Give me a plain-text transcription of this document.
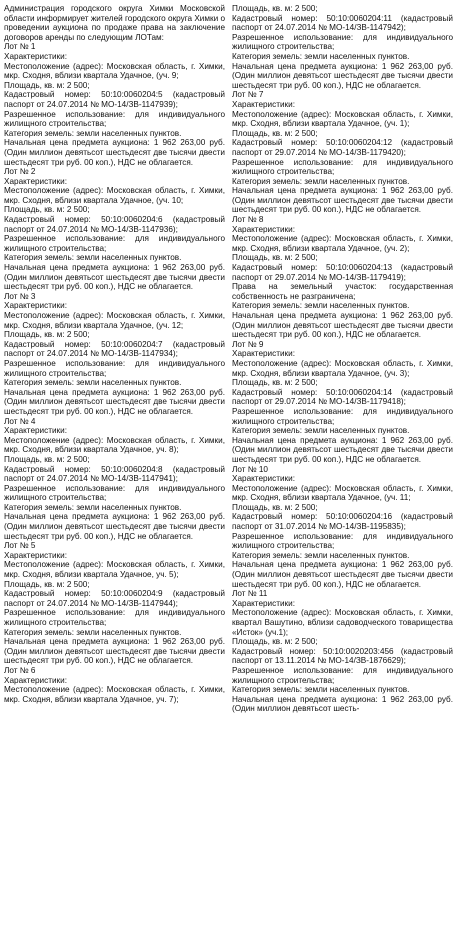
Администрация городского округа Химки Московской области информирует жителей городского округа Химки о проведении аукциона по продаже права на заключение договоров аренды по следующим ЛОТам:

Лот № 1

Характеристики:

Местоположение (адрес): Московская область, г. Химки, мкр. Сходня, вблизи квартала Удачное, (уч. 9;

Площадь, кв. м: 2 500;

Кадастровый номер: 50:10:0060204:5 (кадастровый паспорт от 24.07.2014 № МО-14/ЗВ-1147939);

Разрешенное использование: для индивидуального жилищного строительства;

Категория земель: земли населенных пунктов.

Начальная цена предмета аукциона: 1 962 263,00 руб. (Один миллион девятьсот шестьдесят две тысячи двести шестьдесят три руб. 00 коп.), НДС не облагается.

Лот № 2

Характеристики:

Местоположение (адрес): Московская область, г. Химки, мкр. Сходня, вблизи квартала Удачное, (уч. 10;

Площадь, кв. м: 2 500;

Кадастровый номер: 50:10:0060204:6 (кадастровый паспорт от 24.07.2014 № МО-14/ЗВ-1147936);

Разрешенное использование: для индивидуального жилищного строительства;

Категория земель: земли населенных пунктов.

Начальная цена предмета аукциона: 1 962 263,00 руб. (Один миллион девятьсот шестьдесят две тысячи двести шестьдесят три руб. 00 коп.), НДС не облагается.

Лот № 3

Характеристики:

Местоположение (адрес): Московская область, г. Химки, мкр. Сходня, вблизи квартала Удачное, (уч. 12;

Площадь, кв. м: 2 500;

Кадастровый номер: 50:10:0060204:7 (кадастровый паспорт от 24.07.2014 № МО-14/ЗВ-1147934);

Разрешенное использование: для индивидуального жилищного строительства;

Категория земель: земли населенных пунктов.

Начальная цена предмета аукциона: 1 962 263,00 руб. (Один миллион девятьсот шестьдесят две тысячи двести шестьдесят три руб. 00 коп.), НДС не облагается.

Лот № 4

Характеристики:

Местоположение (адрес): Московская область, г. Химки, мкр. Сходня, вблизи квартала Удачное, уч. 8);

Площадь, кв. м: 2 500;

Кадастровый номер: 50:10:0060204:8 (кадастровый паспорт от 24.07.2014 № МО-14/ЗВ-1147941);

Разрешенное использование: для индивидуального жилищного строительства;

Категория земель: земли населенных пунктов.

Начальная цена предмета аукциона: 1 962 263,00 руб. (Один миллион девятьсот шестьдесят две тысячи двести шестьдесят три руб. 00 коп.), НДС не облагается.

Лот № 5

Характеристики:

Местоположение (адрес): Московская область, г. Химки, мкр. Сходня, вблизи квартала Удачное, уч. 5);

Площадь, кв. м: 2 500;

Кадастровый номер: 50:10:0060204:9 (кадастровый паспорт от 24.07.2014 № МО-14/ЗВ-1147944);

Разрешенное использование: для индивидуального жилищного строительства;

Категория земель: земли населенных пунктов.

Начальная цена предмета аукциона: 1 962 263,00 руб. (Один миллион девятьсот шестьдесят две тысячи двести шестьдесят три руб. 00 коп.), НДС не облагается.

Лот № 6

Характеристики:

Местоположение (адрес): Московская область, г. Химки, мкр. Сходня, вблизи квартала Удачное, уч. 7);

Площадь, кв. м: 2 500;

Кадастровый номер: 50:10:0060204:11 (кадастровый паспорт от 24.07.2014 № МО-14/ЗВ-1147942);

Разрешенное использование: для индивидуального жилищного строительства;

Категория земель: земли населенных пунктов.

Начальная цена предмета аукциона: 1 962 263,00 руб. (Один миллион девятьсот шестьдесят две тысячи двести шестьдесят три руб. 00 коп.), НДС не облагается.

Лот № 7

Характеристики:

Местоположение (адрес): Московская область, г. Химки, мкр. Сходня, вблизи квартала Удачное, (уч. 1);

Площадь, кв. м: 2 500;

Кадастровый номер: 50:10:0060204:12 (кадастровый паспорт от 29.07.2014 № МО-14/ЗВ-1179420);

Разрешенное использование: для индивидуального жилищного строительства;

Категория земель: земли населенных пунктов.

Начальная цена предмета аукциона: 1 962 263,00 руб. (Один миллион девятьсот шестьдесят две тысячи двести шестьдесят три руб. 00 коп.), НДС не облагается.

Лот № 8

Характеристики:

Местоположение (адрес): Московская область, г. Химки, мкр. Сходня, вблизи квартала Удачное, (уч. 2);

Площадь, кв. м: 2 500;

Кадастровый номер: 50:10:0060204:13 (кадастровый паспорт от 29.07.2014 № МО-14/ЗВ-1179419);

Права на земельный участок: государственная собственность не разграничена;

Категория земель: земли населенных пунктов.

Начальная цена предмета аукциона: 1 962 263,00 руб. (Один миллион девятьсот шестьдесят две тысячи двести шестьдесят три руб. 00 коп.), НДС не облагается.

Лот № 9

Характеристики:

Местоположение (адрес): Московская область, г. Химки, мкр. Сходня, вблизи квартала Удачное, (уч. 3);

Площадь, кв. м: 2 500;

Кадастровый номер: 50:10:0060204:14 (кадастровый паспорт от 29.07.2014 № МО-14/ЗВ-1179418);

Разрешенное использование: для индивидуального жилищного строительства;

Категория земель: земли населенных пунктов.

Начальная цена предмета аукциона: 1 962 263,00 руб. (Один миллион девятьсот шестьдесят две тысячи двести шестьдесят три руб. 00 коп.), НДС не облагается.

Лот № 10

Характеристики:

Местоположение (адрес): Московская область, г. Химки, мкр. Сходня, вблизи квартала Удачное, (уч. 11;

Площадь, кв. м: 2 500;

Кадастровый номер: 50:10:0060204:16 (кадастровый паспорт от 31.07.2014 № МО-14/ЗВ-1195835);

Разрешенное использование: для индивидуального жилищного строительства;

Категория земель: земли населенных пунктов.

Начальная цена предмета аукциона: 1 962 263,00 руб. (Один миллион девятьсот шестьдесят две тысячи двести шестьдесят три руб. 00 коп.), НДС не облагается.

Лот № 11

Характеристики:

Местоположение (адрес): Московская область, г. Химки, квартал Вашутино, вблизи садоводческого товарищества «Исток» (уч.1);

Площадь, кв. м: 2 500;

Кадастровый номер: 50:10:0020203:456 (кадастровый паспорт от 13.11.2014 № МО-14/ЗВ-1876629);

Разрешенное использование: для индивидуального жилищного строительства;

Категория земель: земли населенных пунктов.

Начальная цена предмета аукциона: 1 962 263,00 руб. (Один миллион девятьсот шесть-
